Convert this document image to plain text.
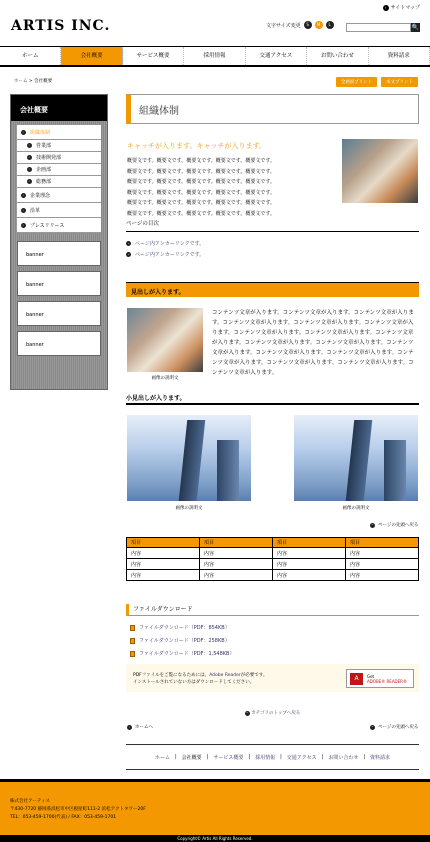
ARTIS INC.
› サイトマップ
文字サイズ変更	S	M	L	🔍
ホーム	会社概要	サービス概要	採用情報	交通アクセス	お問い合わせ	資料請求
ホーム > 会社概要	全画面プリント	本文プリント
会社概要
›	組織体制
›	営業部
›	技術開発部
›	企画部
›	総務部
›	企業理念
›	沿革
›	プレスリリース
banner
banner
banner
banner
組織体制
キャッチが入ります。キャッチが入ります。
概要文です。概要文です。概要文です。概要文です。概要文です。
概要文です。概要文です。概要文です。概要文です。概要文です。
概要文です。概要文です。概要文です。概要文です。概要文です。
概要文です。概要文です。概要文です。概要文です。概要文です。
概要文です。概要文です。概要文です。概要文です。概要文です。
概要文です。概要文です。概要文です。概要文です。概要文です。
ページの目次
⌄ ページ内アンカーリンクです。
⌄ ページ内アンカーリンクです。
見出しが入ります。
画像の説明文
コンテンツ文章が入ります。コンテンツ文章が入ります。コンテンツ文章が入ります。コンテンツ文章が入ります。コンテンツ文章が入ります。コンテンツ文章が入ります。コンテンツ文章が入ります。コンテンツ文章が入ります。コンテンツ文章が入ります。コンテンツ文章が入ります。コンテンツ文章が入ります。コンテンツ文章が入ります。コンテンツ文章が入ります。コンテンツ文章が入ります。コンテンツ文章が入ります。コンテンツ文章が入ります。コンテンツ文章が入ります。コンテンツ文章が入ります。
小見出しが入ります。
画像の説明文	画像の説明文
^ ページの先頭へ戻る
項目	項目	項目	項目
内容	内容	内容	内容
内容	内容	内容	内容
内容	内容	内容	内容
ファイルダウンロード
ファイルダウンロード（PDF：854KB）
ファイルダウンロード（PDF：258KB）
ファイルダウンロード（PDF：1,548KB）
PDFファイルをご覧になるためには、Adobe Readerが必要です。
インストールされていない方はダウンロードしてください。
A	Get
ADOBE® READER®
^ カテゴリのトップへ戻る
›	ホームへ	^ ページの先頭へ戻る
ホーム | 会社概要 | サービス概要 | 採用情報 | 交通アクセス | お問い合わせ | 資料請求
株式会社アーティス
〒430-7720 静岡県浜松市中区板屋町111-2 浜松アクトタワー20F
TEL：053-459-1700(代表) / FAX：053-459-1701
Copyright© Artis All Rights Reserved.
